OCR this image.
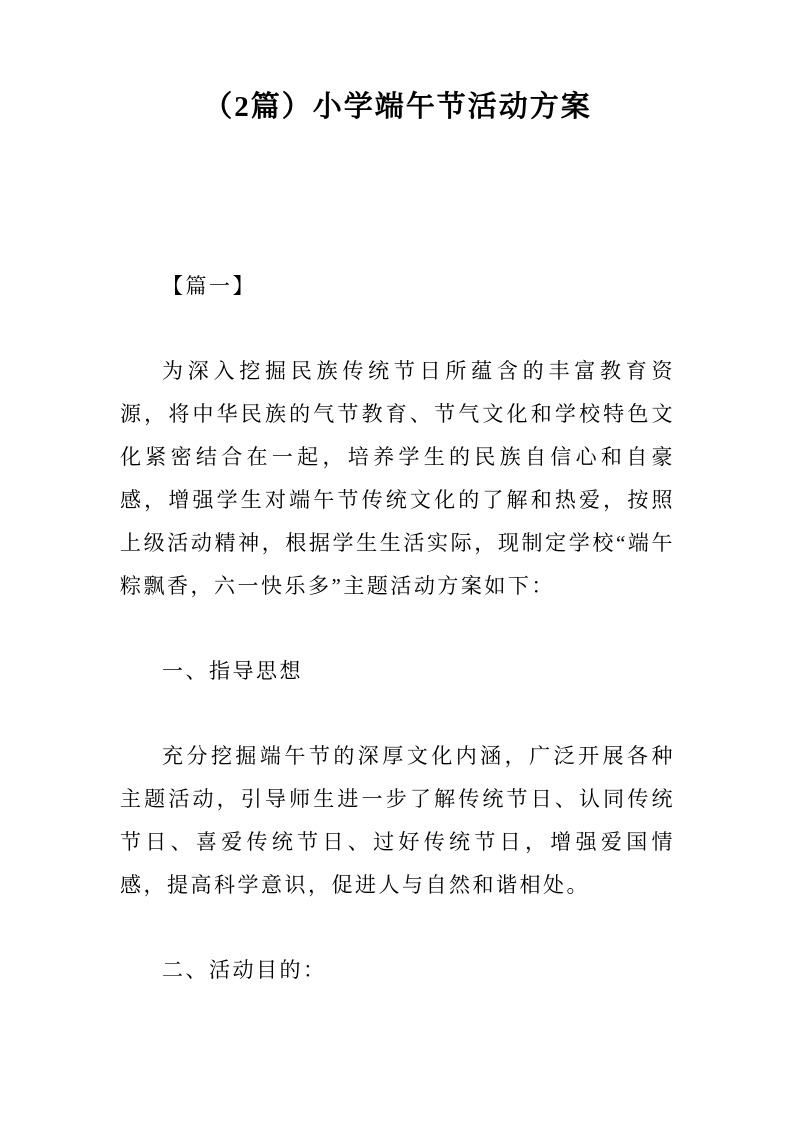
（2篇）小学端午节活动方案

【篇一】

为深入挖掘民族传统节日所蕴含的丰富教育资源，将中华民族的气节教育、节气文化和学校特色文化紧密结合在一起，培养学生的民族自信心和自豪感，增强学生对端午节传统文化的了解和热爱，按照上级活动精神，根据学生生活实际，现制定学校“端午粽飘香，六一快乐多”主题活动方案如下：

一、指导思想

充分挖掘端午节的深厚文化内涵，广泛开展各种主题活动，引导师生进一步了解传统节日、认同传统节日、喜爱传统节日、过好传统节日，增强爱国情感，提高科学意识，促进人与自然和谐相处。

二、活动目的：
